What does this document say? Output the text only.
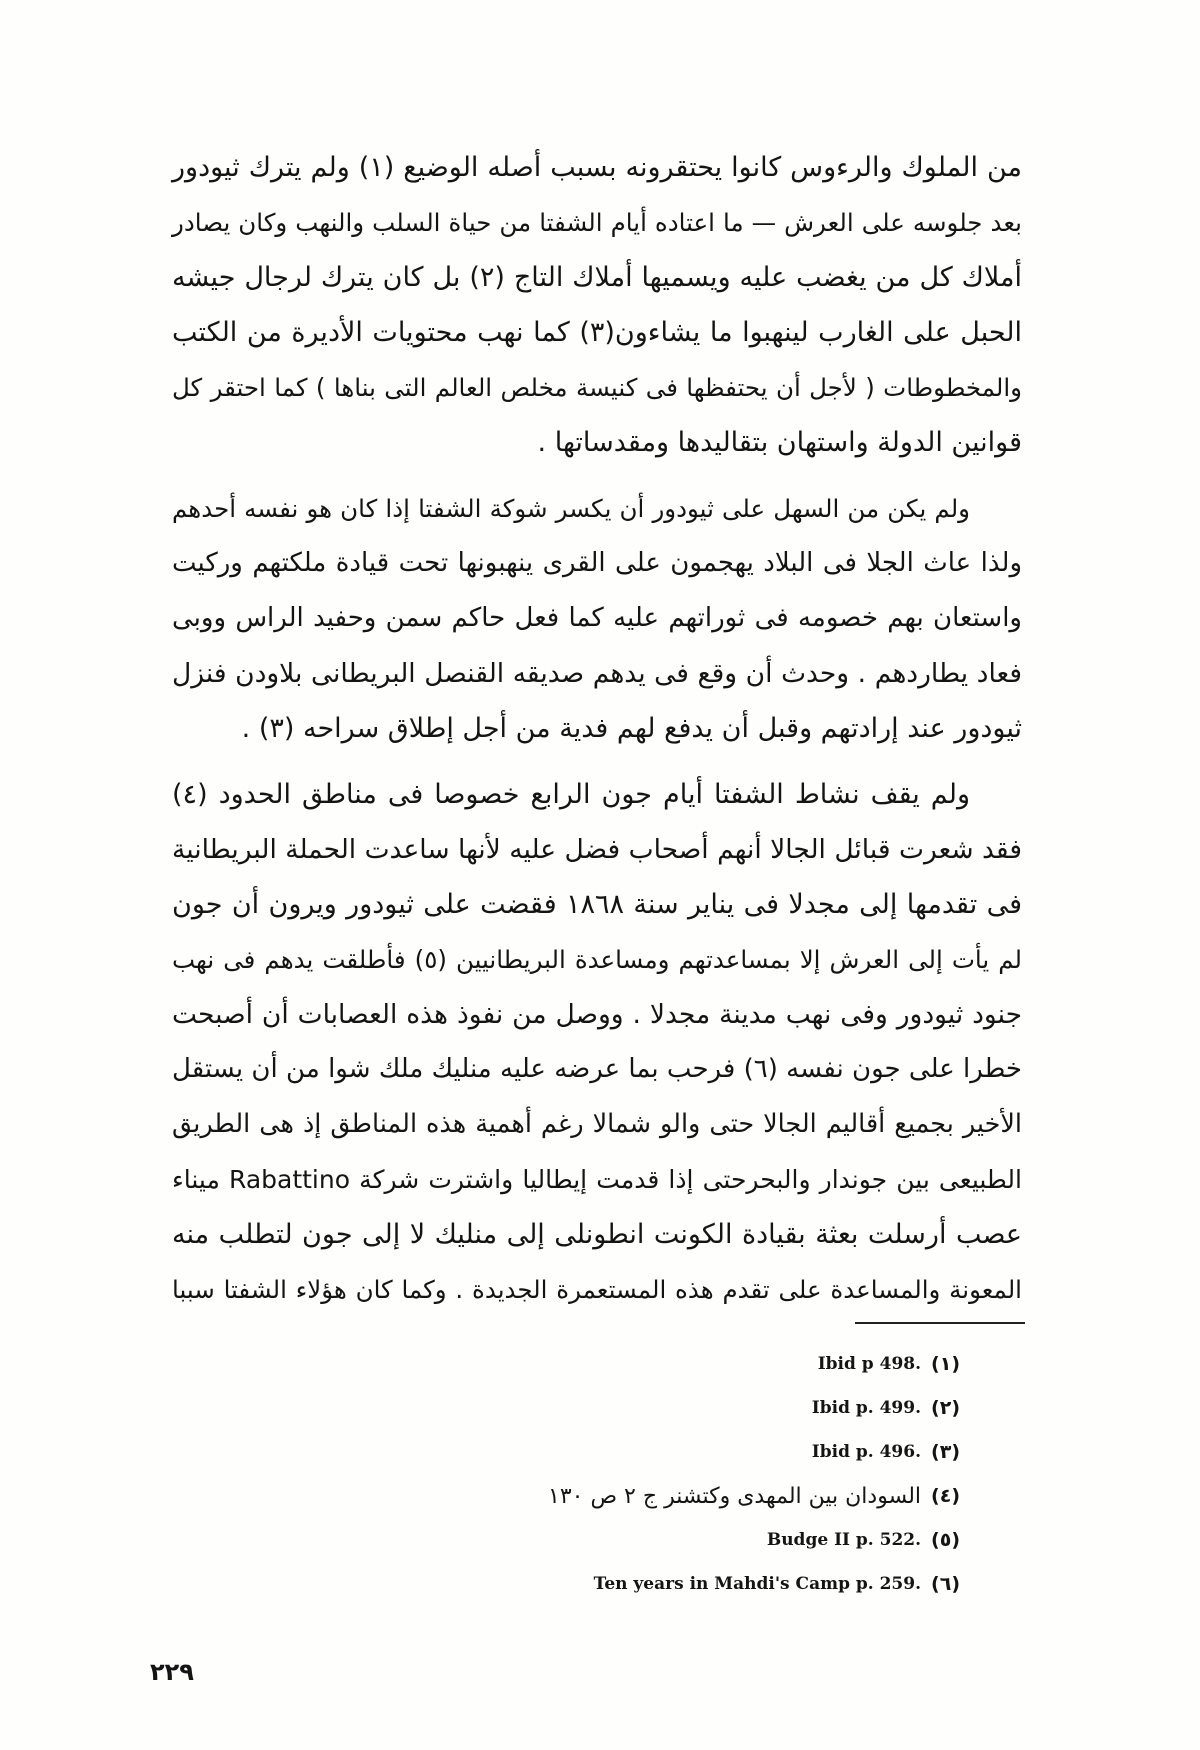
من الملوك والرءوس كانوا يحتقرونه بسبب أصله الوضيع (١) ولم يترك ثيودور
بعد جلوسه على العرش — ما اعتاده أيام الشفتا من حياة السلب والنهب وكان يصادر
أملاك كل من يغضب عليه ويسميها أملاك التاج (٢) بل كان يترك لرجال جيشه
الحبل على الغارب لينهبوا ما يشاءون(٣) كما نهب محتويات الأديرة من الكتب
والمخطوطات ( لأجل أن يحتفظها فى كنيسة مخلص العالم التى بناها ) كما احتقر كل
قوانين الدولة واستهان بتقاليدها ومقدساتها .
ولم يكن من السهل على ثيودور أن يكسر شوكة الشفتا إذا كان هو نفسه أحدهم
ولذا عاث الجلا فى البلاد يهجمون على القرى ينهبونها تحت قيادة ملكتهم وركيت
واستعان بهم خصومه فى ثوراتهم عليه كما فعل حاكم سمن وحفيد الراس ووبى
فعاد يطاردهم . وحدث أن وقع فى يدهم صديقه القنصل البريطانى بلاودن فنزل
ثيودور عند إرادتهم وقبل أن يدفع لهم فدية من أجل إطلاق سراحه (٣) .
ولم يقف نشاط الشفتا أيام جون الرابع خصوصا فى مناطق الحدود (٤)
فقد شعرت قبائل الجالا أنهم أصحاب فضل عليه لأنها ساعدت الحملة البريطانية
فى تقدمها إلى مجدلا فى يناير سنة ١٨٦٨ فقضت على ثيودور ويرون أن جون
لم يأت إلى العرش إلا بمساعدتهم ومساعدة البريطانيين (٥) فأطلقت يدهم فى نهب
جنود ثيودور وفى نهب مدينة مجدلا . ووصل من نفوذ هذه العصابات أن أصبحت
خطرا على جون نفسه (٦) فرحب بما عرضه عليه منليك ملك شوا من أن يستقل
الأخير بجميع أقاليم الجالا حتى والو شمالا رغم أهمية هذه المناطق إذ هى الطريق
الطبيعى بين جوندار والبحرحتى إذا قدمت إيطاليا واشترت شركة Rabattino ميناء
عصب أرسلت بعثة بقيادة الكونت انطونلى إلى منليك لا إلى جون لتطلب منه
المعونة والمساعدة على تقدم هذه المستعمرة الجديدة . وكما كان هؤلاء الشفتا سببا
(١)
Ibid p 498.
(٢)
Ibid p. 499.
(٣)
Ibid p. 496.
(٤)
السودان بين المهدى وكتشنر ج ٢ ص ١٣٠
(٥)
Budge II p. 522.
(٦)
Ten years in Mahdi's Camp p. 259.
٢٢٩
